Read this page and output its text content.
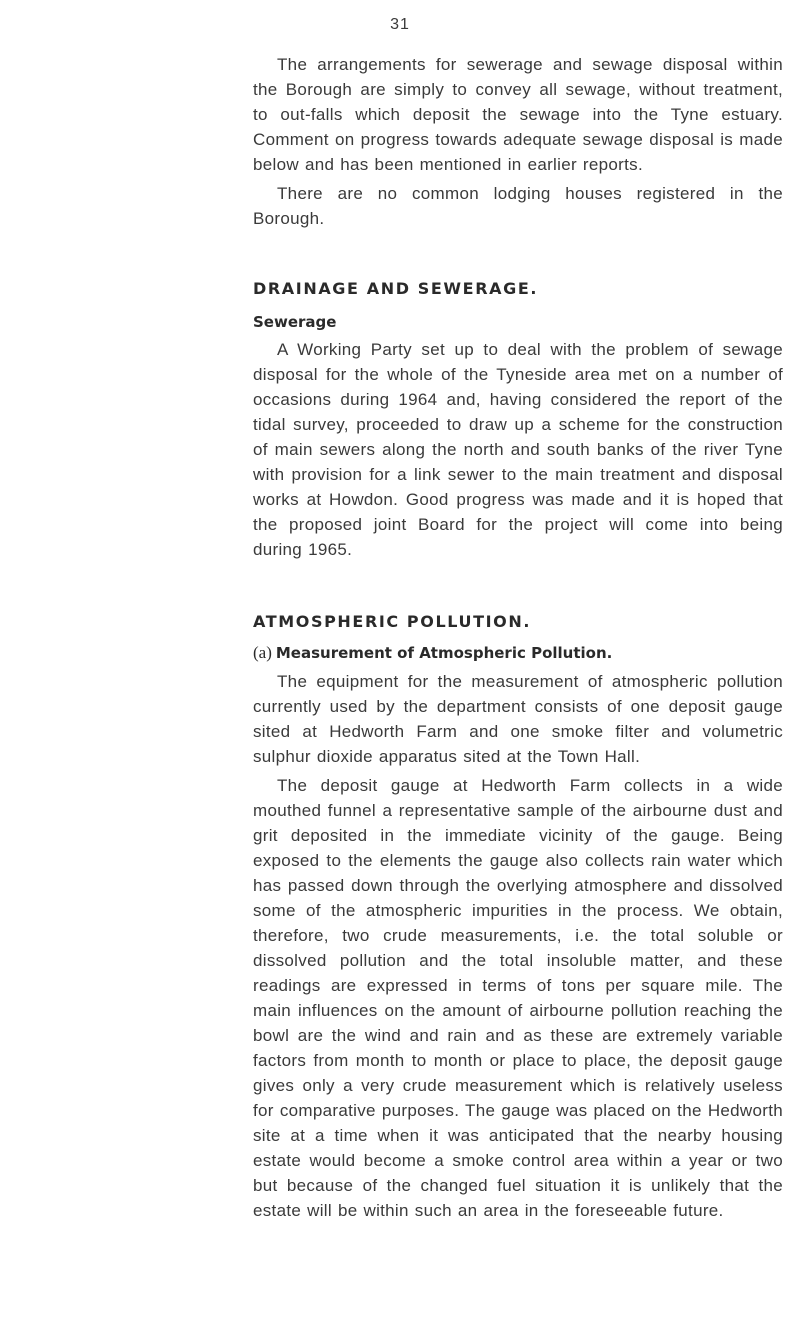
31

The arrangements for sewerage and sewage disposal within the Borough are simply to convey all sewage, without treatment, to out-falls which deposit the sewage into the Tyne estuary. Comment on progress towards adequate sewage disposal is made below and has been mentioned in earlier reports.

There are no common lodging houses registered in the Borough.

DRAINAGE AND SEWERAGE.
Sewerage

A Working Party set up to deal with the problem of sewage disposal for the whole of the Tyneside area met on a number of occasions during 1964 and, having considered the report of the tidal survey, proceeded to draw up a scheme for the construction of main sewers along the north and south banks of the river Tyne with provision for a link sewer to the main treatment and disposal works at Howdon. Good progress was made and it is hoped that the proposed joint Board for the project will come into being during 1965.

ATMOSPHERIC POLLUTION.
(a) Measurement of Atmospheric Pollution.

The equipment for the measurement of atmospheric pollution currently used by the department consists of one deposit gauge sited at Hedworth Farm and one smoke filter and volumetric sulphur dioxide apparatus sited at the Town Hall.

The deposit gauge at Hedworth Farm collects in a wide mouthed funnel a representative sample of the airbourne dust and grit deposited in the immediate vicinity of the gauge. Being exposed to the elements the gauge also collects rain water which has passed down through the overlying atmosphere and dissolved some of the atmospheric impurities in the process. We obtain, therefore, two crude measurements, i.e. the total soluble or dissolved pollution and the total insoluble matter, and these readings are expressed in terms of tons per square mile. The main influences on the amount of airbourne pollution reaching the bowl are the wind and rain and as these are extremely variable factors from month to month or place to place, the deposit gauge gives only a very crude measurement which is relatively useless for comparative purposes. The gauge was placed on the Hedworth site at a time when it was anticipated that the nearby housing estate would become a smoke control area within a year or two but because of the changed fuel situation it is unlikely that the estate will be within such an area in the foreseeable future.
